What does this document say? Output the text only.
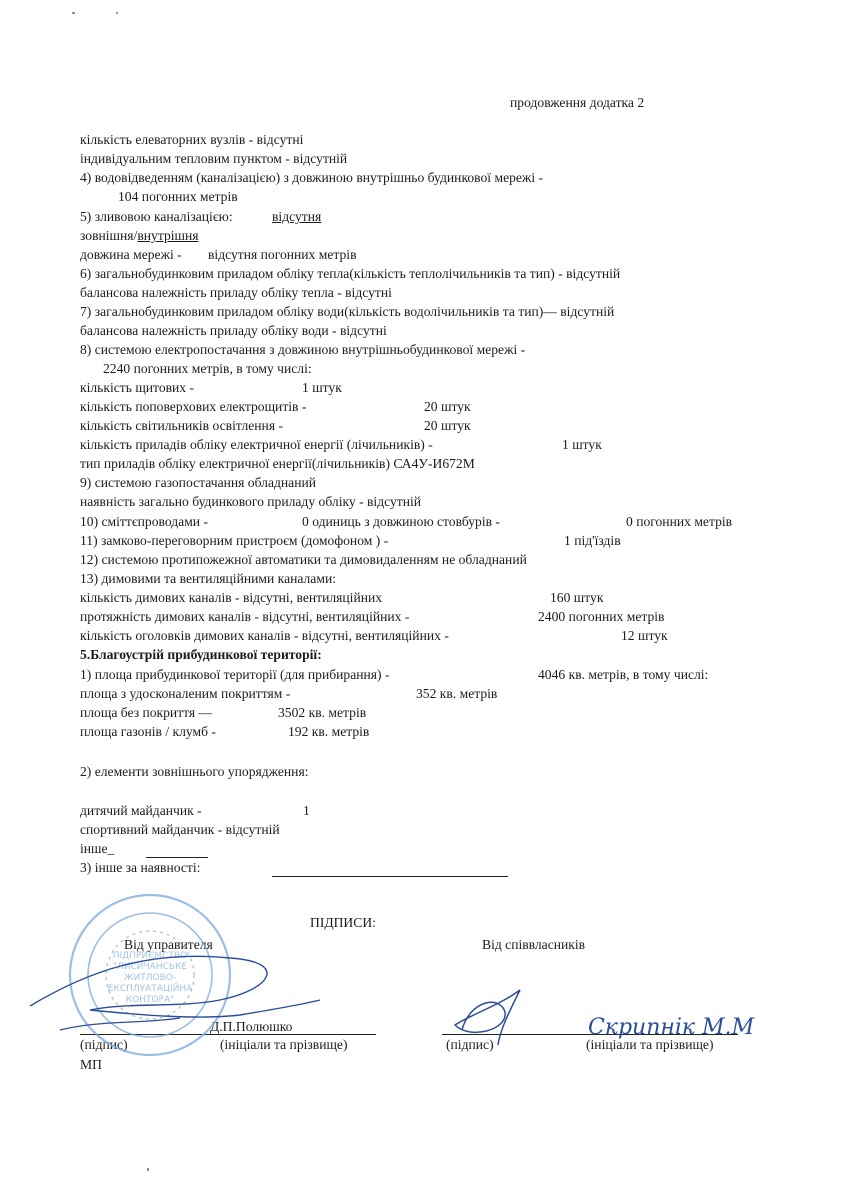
продовження додатка 2
кількість елеваторних вузлів - відсутні
індивідуальним тепловим пунктом - відсутній
4) водовідведенням (каналізацією) з довжиною внутрішньо будинкової мережі -
104 погонних метрів
5) зливовою каналізацією:	відсутня
зовнішня/внутрішня
довжина мережі - відсутня погонних метрів
6) загальнобудинковим приладом обліку тепла(кількість теплолічильників та тип) - відсутній
балансова належність приладу обліку тепла - відсутні
7) загальнобудинковим приладом обліку води(кількість водолічильників та тип)— відсутній
балансова належність приладу обліку води - відсутні
8) системою електропостачання з довжиною внутрішньобудинкової мережі -
2240 погонних метрів, в тому числі:
кількість щитових -	1 штук
кількість поповерхових електрощитів -	20 штук
кількість світильників освітлення -	20 штук
кількість приладів обліку електричної енергії (лічильників) -	1 штук
тип приладів обліку електричної енергії(лічильників) СА4У-И672М
9) системою газопостачання обладнаний
наявність загально будинкового приладу обліку - відсутній
10) сміттєпроводами -	0 одиниць з довжиною стовбурів -	0 погонних метрів
11) замково-переговорним пристроєм (домофоном ) -	1 під'їздів
12) системою протипожежної автоматики та димовидаленням не обладнаний
13) димовими та вентиляційними каналами:
кількість димових каналів - відсутні, вентиляційних	160 штук
протяжність димових каналів - відсутні, вентиляційних -	2400 погонних метрів
кількість оголовків димових каналів - відсутні, вентиляційних -	12 штук
5.Благоустрій прибудинкової території:
1) площа прибудинкової території (для прибирання) -	4046 кв. метрів, в тому числі:
площа з удосконаленим покриттям -	352 кв. метрів
площа без покриття —	3502 кв. метрів
площа газонів / клумб -	192 кв. метрів
2) елементи зовнішнього упорядження:
дитячий майданчик -	1
спортивний майданчик - відсутній
інше_
3) інше за наявності:
ПІДПИСИ:
Від управителя	Від співвласників
Д.П.Полюшко
(підпис)	(ініціали та прізвище)	(підпис)	(ініціали та прізвище)
МП
ПІДПРИЄМСТВО
"ЛИСИЧАНСЬКЕ
ЖИТЛОВО-
ЕКСПЛУАТАЦІЙНА
КОНТОРА"
Скрипнік М.М
